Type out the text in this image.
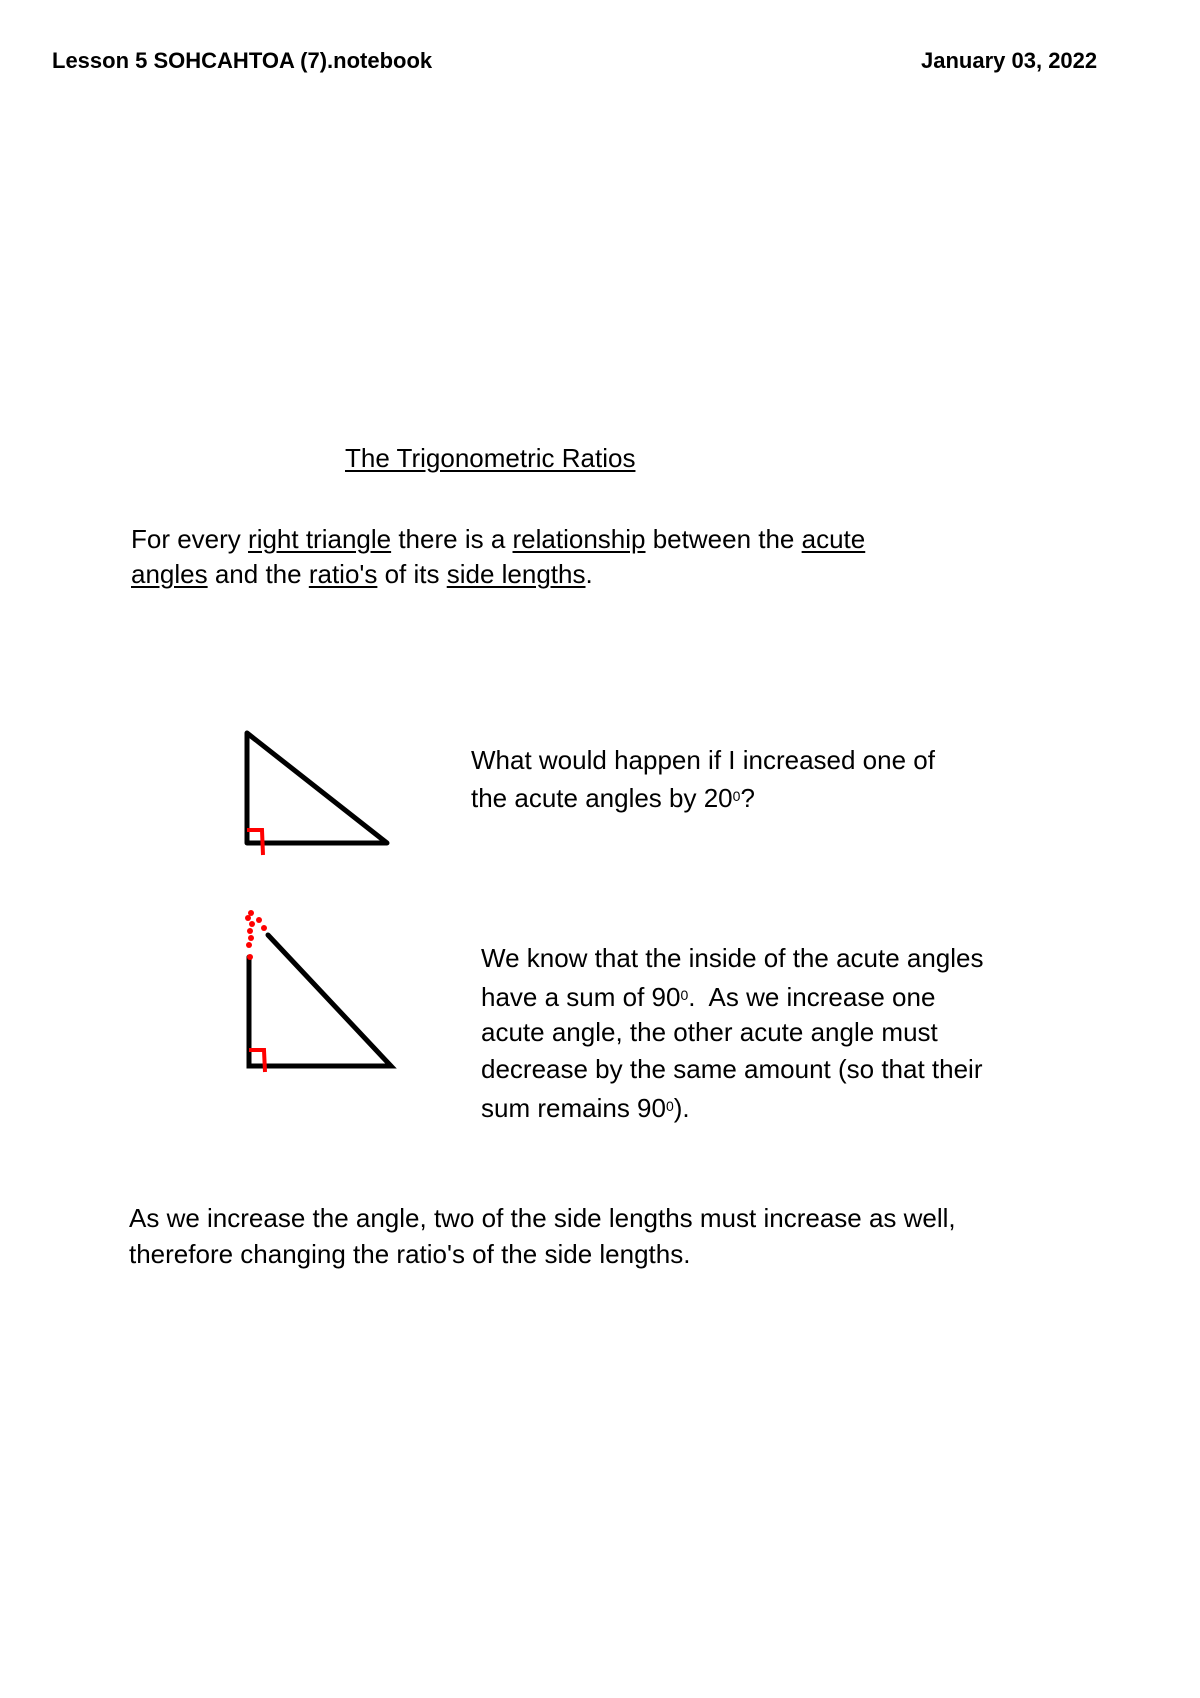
Lesson 5 SOHCAHTOA (7).notebook	January 03, 2022
The Trigonometric Ratios
For every right triangle there is a relationship between the acute
angles and the ratio's of its side lengths.
What would happen if I increased one of
the acute angles by $20^0$?
We know that the inside of the acute angles
have a sum of $90^0$.  As we increase one
acute angle, the other acute angle must
decrease by the same amount (so that their
sum remains $90^0$).
As we increase the angle, two of the side lengths must increase as well,
therefore changing the ratio's of the side lengths.
